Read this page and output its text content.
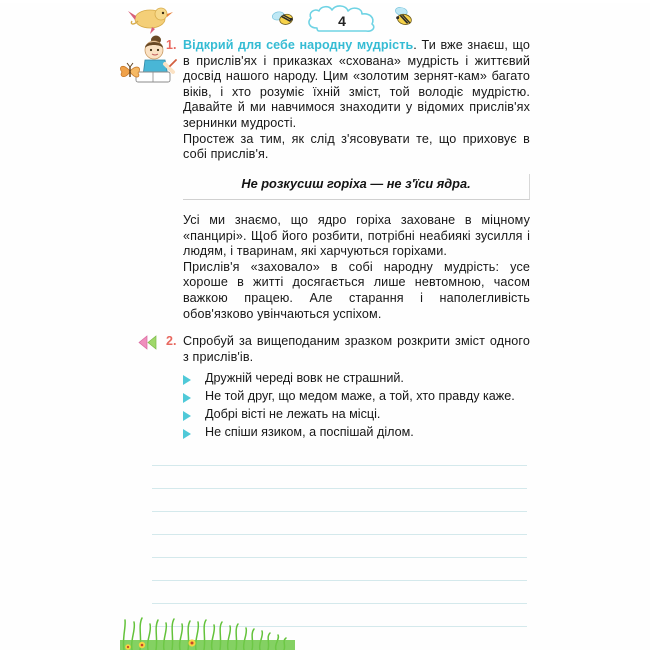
4
1. Відкрий для себе народну мудрість. Ти вже знаєш, що в прислів'ях і приказках «схована» мудрість і життєвий досвід нашого народу. Цим «золотим зернят-кам» багато віків, і хто розуміє їхній зміст, той володіє мудрістю. Давайте й ми навчимося знаходити у відомих прислів'ях зернинки мудрості.

Простеж за тим, як слід з'ясовувати те, що приховує в собі прислів'я.

Не розкусиш горіха — не з'їси ядра.

Усі ми знаємо, що ядро горіха заховане в міцному «панцирі». Щоб його розбити, потрібні неабиякі зусилля і людям, і тваринам, які харчуються горіхами.

Прислів'я «заховало» в собі народну мудрість: усе хороше в житті досягається лише невтомною, часом важкою працею. Але старання і наполегливість обов'язково увінчаються успіхом.

2. Спробуй за вищеподаним зразком розкрити зміст одного з прислів'ів.

Дружній череді вовк не страшний.
Не той друг, що медом маже, а той, хто правду каже.
Добрі вісті не лежать на місці.
Не спіши язиком, а поспішай ділом.
